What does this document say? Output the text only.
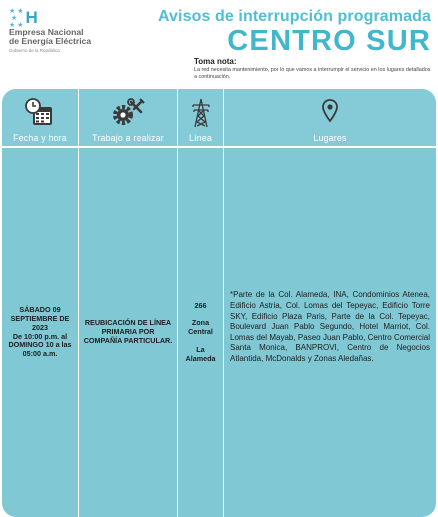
★ ★
★
★ ★ H
Empresa Nacional
de Energía Eléctrica
Gobierno de la República
Avisos de interrupción programada
CENTRO SUR
Toma nota:
La red necesita mantenimiento, por lo que vamos a interrumpir el servicio en los lugares detallados a continuación.
Fecha y hora
SÁBADO 09
SEPTIEMBRE DE
2023
De 10:00 p.m. al
DOMINGO 10 a las
05:00 a.m.
Trabajo a realizar
REUBICACIÓN DE LÍNEA
PRIMARIA POR
COMPAÑÍA PARTICULAR.
Línea
266
Zona
Central
La
Alameda
Lugares
*Parte de la Col. Alameda, INA, Condominios Atenea, Edificio Astria, Col. Lomas del Tepeyac, Edificio Torre SKY, Edificio Plaza Paris, Parte de la Col. Tepeyac, Boulevard Juan Pablo Segundo, Hotel Marriot, Col. Lomas del Mayab, Paseo Juan Pablo, Centro Comercial Santa Monica, BANPROVI, Centro de Negocios Atlantida, McDonalds y Zonas Aledañas.
